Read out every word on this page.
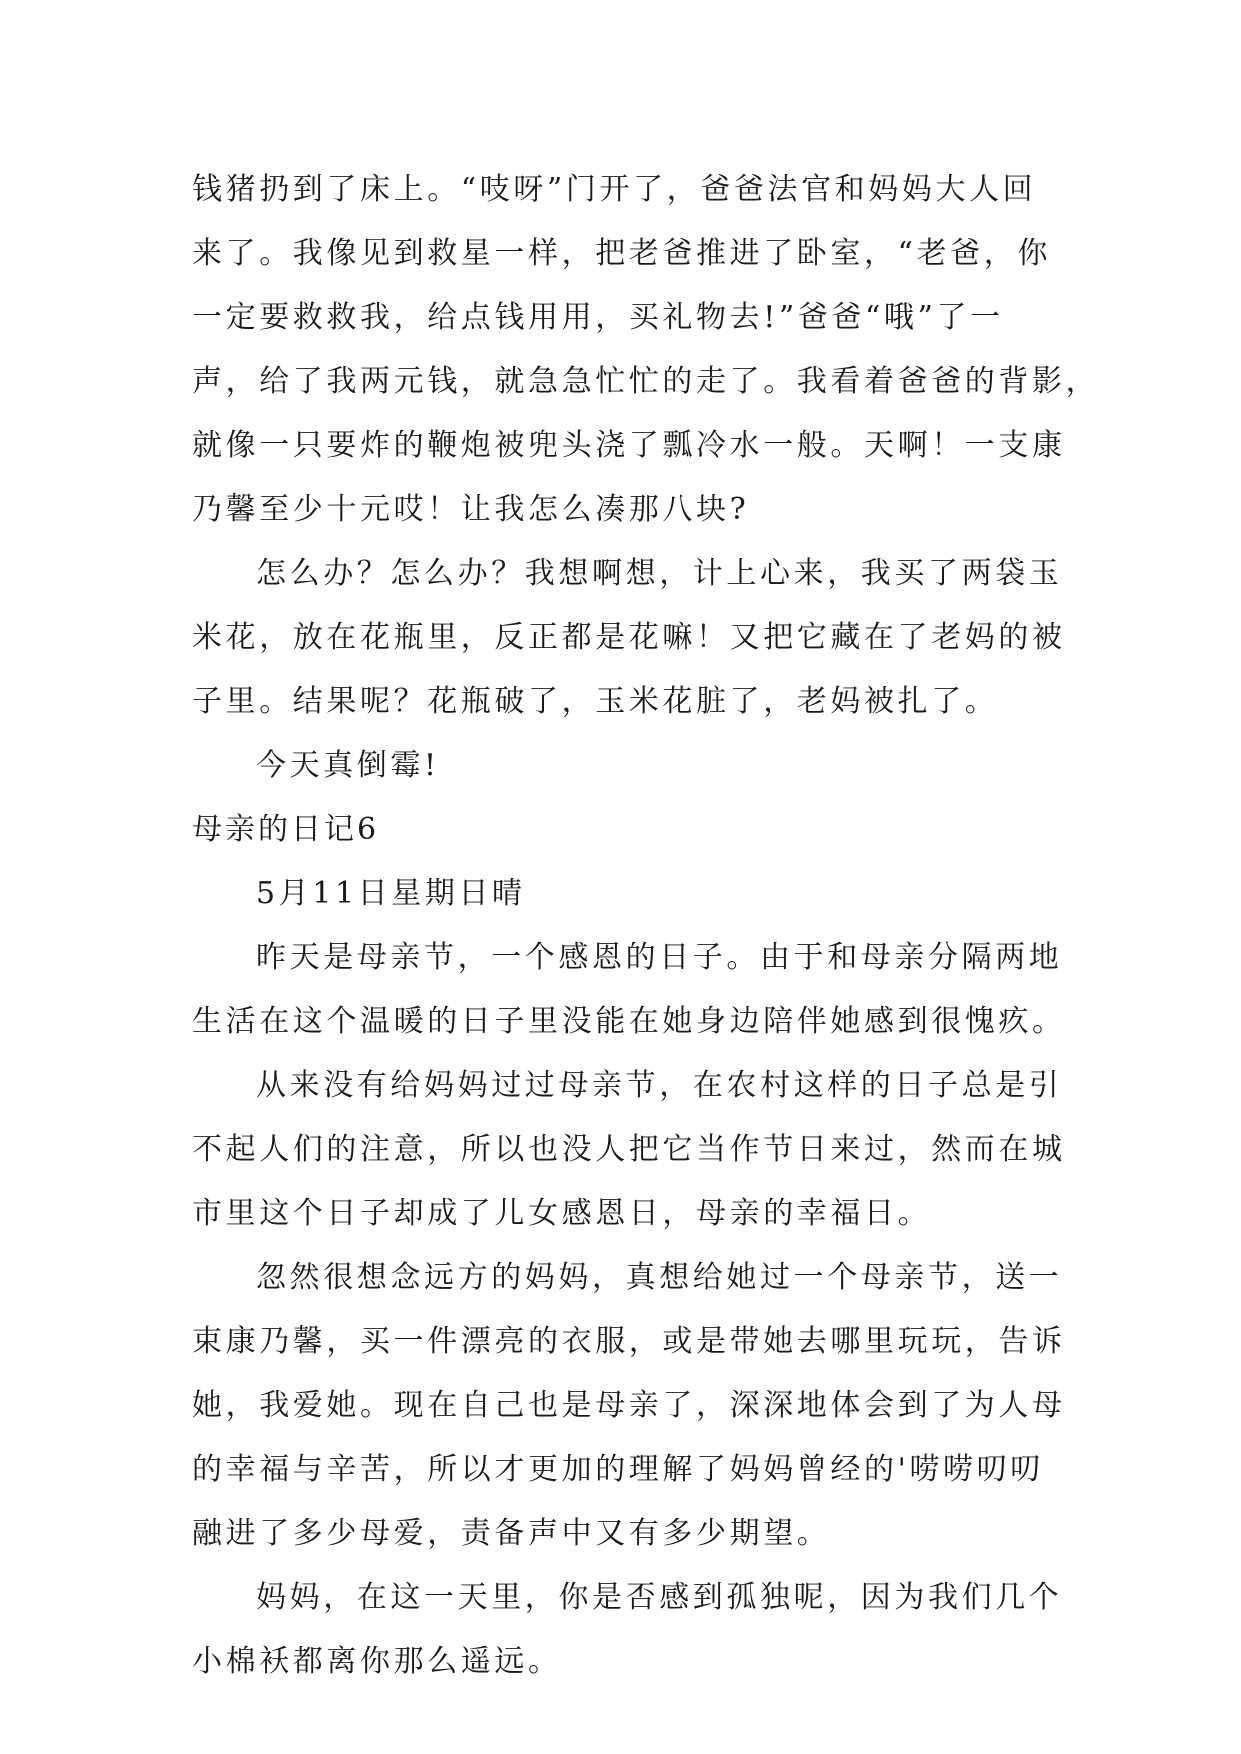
钱猪扔到了床上。“吱呀”门开了，爸爸法官和妈妈大人回
来了。我像见到救星一样，把老爸推进了卧室，“老爸，你
一定要救救我，给点钱用用，买礼物去!”爸爸“哦”了一
声，给了我两元钱，就急急忙忙的走了。我看着爸爸的背影，
就像一只要炸的鞭炮被兜头浇了瓢冷水一般。天啊！一支康
乃馨至少十元哎！让我怎么凑那八块?
怎么办？怎么办？我想啊想，计上心来，我买了两袋玉
米花，放在花瓶里，反正都是花嘛！又把它藏在了老妈的被
子里。结果呢？花瓶破了，玉米花脏了，老妈被扎了。
今天真倒霉!
母亲的日记6
5月11日星期日晴
昨天是母亲节，一个感恩的日子。由于和母亲分隔两地
生活在这个温暖的日子里没能在她身边陪伴她感到很愧疚。
从来没有给妈妈过过母亲节，在农村这样的日子总是引
不起人们的注意，所以也没人把它当作节日来过，然而在城
市里这个日子却成了儿女感恩日，母亲的幸福日。
忽然很想念远方的妈妈，真想给她过一个母亲节，送一
束康乃馨，买一件漂亮的衣服，或是带她去哪里玩玩，告诉
她，我爱她。现在自己也是母亲了，深深地体会到了为人母
的幸福与辛苦，所以才更加的理解了妈妈曾经的'唠唠叨叨
融进了多少母爱，责备声中又有多少期望。
妈妈，在这一天里，你是否感到孤独呢，因为我们几个
小棉袄都离你那么遥远。
